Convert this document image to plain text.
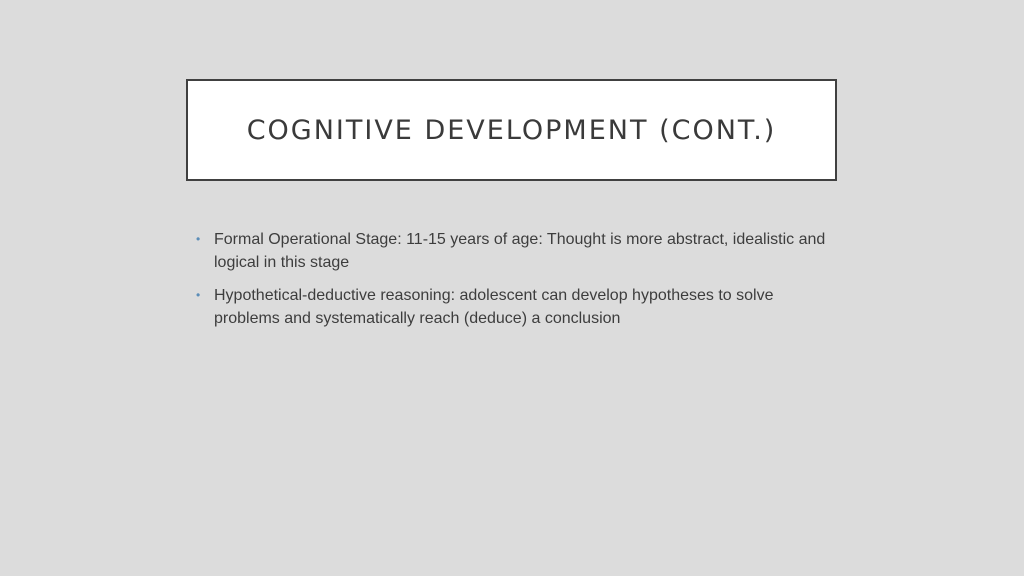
COGNITIVE DEVELOPMENT (CONT.)
• Formal Operational Stage: 11-15 years of age: Thought is more abstract, idealistic and logical in this stage
• Hypothetical-deductive reasoning: adolescent can develop hypotheses to solve problems and systematically reach (deduce) a conclusion
